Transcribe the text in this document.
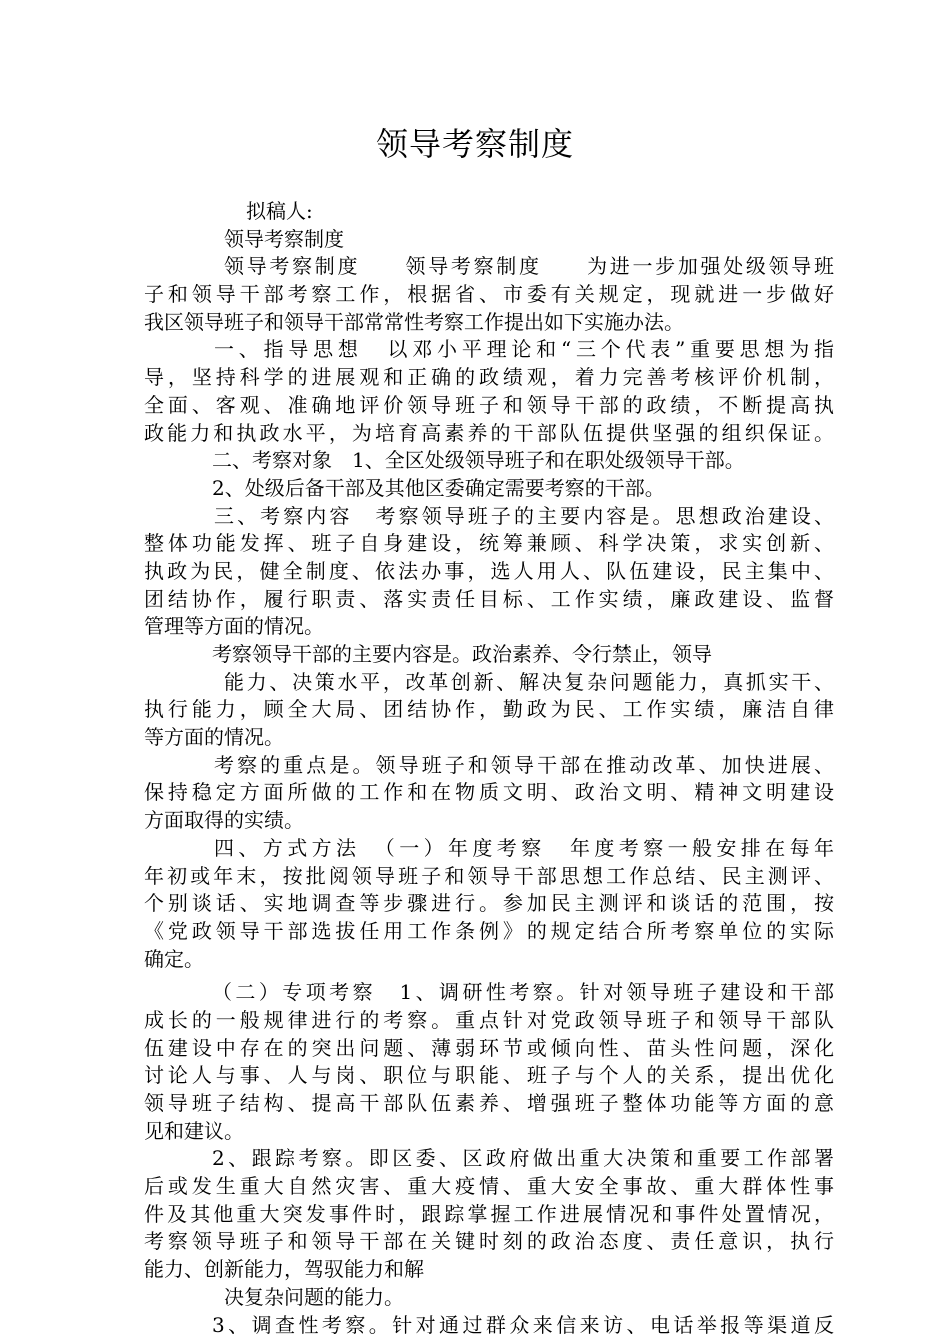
领导考察制度
拟稿人:
领导考察制度
领导考察制度　　领导考察制度　　为进一步加强处级领导班
子和领导干部考察工作，根据省、市委有关规定，现就进一步做好
我区领导班子和领导干部常常性考察工作提出如下实施办法。
一、指导思想　以邓小平理论和“三个代表”重要思想为指
导，坚持科学的进展观和正确的政绩观，着力完善考核评价机制，
全面、客观、准确地评价领导班子和领导干部的政绩，不断提高执
政能力和执政水平，为培育高素养的干部队伍提供坚强的组织保证。
二、考察对象　1、全区处级领导班子和在职处级领导干部。
2、处级后备干部及其他区委确定需要考察的干部。
三、考察内容　考察领导班子的主要内容是。思想政治建设、
整体功能发挥、班子自身建设，统筹兼顾、科学决策，求实创新、
执政为民，健全制度、依法办事，选人用人、队伍建设，民主集中、
团结协作，履行职责、落实责任目标、工作实绩，廉政建设、监督
管理等方面的情况。
考察领导干部的主要内容是。政治素养、令行禁止，领导
能力、决策水平，改革创新、解决复杂问题能力，真抓实干、
执行能力，顾全大局、团结协作，勤政为民、工作实绩，廉洁自律
等方面的情况。
考察的重点是。领导班子和领导干部在推动改革、加快进展、
保持稳定方面所做的工作和在物质文明、政治文明、精神文明建设
方面取得的实绩。
四、方式方法　（一）年度考察　年度考察一般安排在每年
年初或年末，按批阅领导班子和领导干部思想工作总结、民主测评、
个别谈话、实地调查等步骤进行。参加民主测评和谈话的范围，按
《党政领导干部选拔任用工作条例》的规定结合所考察单位的实际
确定。
（二）专项考察　1、调研性考察。针对领导班子建设和干部
成长的一般规律进行的考察。重点针对党政领导班子和领导干部队
伍建设中存在的突出问题、薄弱环节或倾向性、苗头性问题，深化
讨论人与事、人与岗、职位与职能、班子与个人的关系，提出优化
领导班子结构、提高干部队伍素养、增强班子整体功能等方面的意
见和建议。
2、跟踪考察。即区委、区政府做出重大决策和重要工作部署
后或发生重大自然灾害、重大疫情、重大安全事故、重大群体性事
件及其他重大突发事件时，跟踪掌握工作进展情况和事件处置情况，
考察领导班子和领导干部在关键时刻的政治态度、责任意识，执行
能力、创新能力，驾驭能力和解
决复杂问题的能力。
3、调查性考察。针对通过群众来信来访、电话举报等渠道反
